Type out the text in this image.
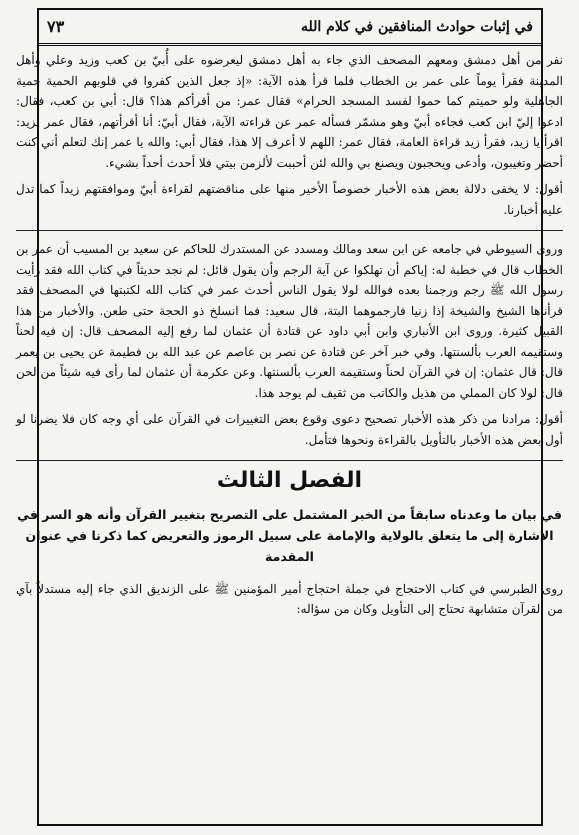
في إثبات حوادث المنافقين في كلام الله
٧٣

نفر من أهل دمشق ومعهم المصحف الذي جاء به أهل دمشق ليعرضوه على أُبيّ بن كعب وزيد وعلي وأهل المدينة فقرأ يوماً على عمر بن الخطاب فلما قرأ هذه الآية: «إذ جعل الذين كفروا في قلوبهم الحمية حمية الجاهلية ولو حميتم كما حموا لفسد المسجد الحرام» فقال عمر: من أقرأكم هذا؟ قال: أبي بن كعب، فقال: ادعوا إليّ ابن كعب فجاءه أبيّ وهو مشمّر فسأله عمر عن قراءته الآية، فقال أبيّ: أنا أقرأتهم، فقال عمر لزيد: اقرأ يا زيد، فقرأ زيد قراءة العامة، فقال عمر: اللهم لا أعرف إلا هذا، فقال أبي: والله يا عمر إنك لتعلم أني كنت أحضر وتغيبون، وأدعى ويحجبون ويصنع بي والله لئن أحببت لألزمن بيتي فلا أحدث أحداً بشيء.

أقول: لا يخفى دلالة بعض هذه الأخبار خصوصاً الأخير منها على مناقضتهم لقراءة أبيّ وموافقتهم زيداً كما تدل عليه أخبارنا.

وروى السيوطي في جامعه عن ابن سعد ومالك ومسدد عن المستدرك للحاكم عن سعيد بن المسيب أن عمر بن الخطاب قال في خطبة له: إياكم أن تهلكوا عن آية الرجم وأن يقول قائل: لم نجد حديثاً في كتاب الله فقد رأيت رسول الله ﷺ رجم ورجمنا بعده فوالله لولا يقول الناس أحدث عمر في كتاب الله لكتبتها في المصحف فقد قرأناها الشيخ والشيخة إذا زنيا فارجموهما البتة، قال سعيد: فما انسلخ ذو الحجة حتى طعن. والأخبار من هذا القبيل كثيرة. وروى ابن الأنباري وابن أبي داود عن قتادة أن عثمان لما رفع إليه المصحف قال: إن فيه لحناً وستقيمه العرب بألسنتها. وفي خبر آخر عن قتادة عن نصر بن عاصم عن عبد الله بن فطيمة عن يحيى بن يعمر قال: قال عثمان: إن في القرآن لحناً وستقيمه العرب بألسنتها. وعن عكرمة أن عثمان لما رأى فيه شيئاً من لحن قال: لولا كان المملي من هذيل والكاتب من ثقيف لم يوجد هذا.

أقول: مرادنا من ذكر هذه الأخبار تصحيح دعوى وقوع بعض التغييرات في القرآن على أي وجه كان فلا يضرنا لو أول بعض هذه الأخبار بالتأويل بالقراءة ونحوها فتأمل.

الفصل الثالث
في بيان ما وعدناه سابقاً من الخبر المشتمل على التصريح بتغيير القرآن وأنه هو السر في الإشارة إلى ما يتعلق بالولاية والإمامة على سبيل الرموز والتعريض كما ذكرنا في عنوان المقدمة

روى الطبرسي في كتاب الاحتجاج في جملة احتجاج أمير المؤمنين ﷺ على الزنديق الذي جاء إليه مستدلاً بآي من القرآن متشابهة تحتاج إلى التأويل وكان من سؤاله:
